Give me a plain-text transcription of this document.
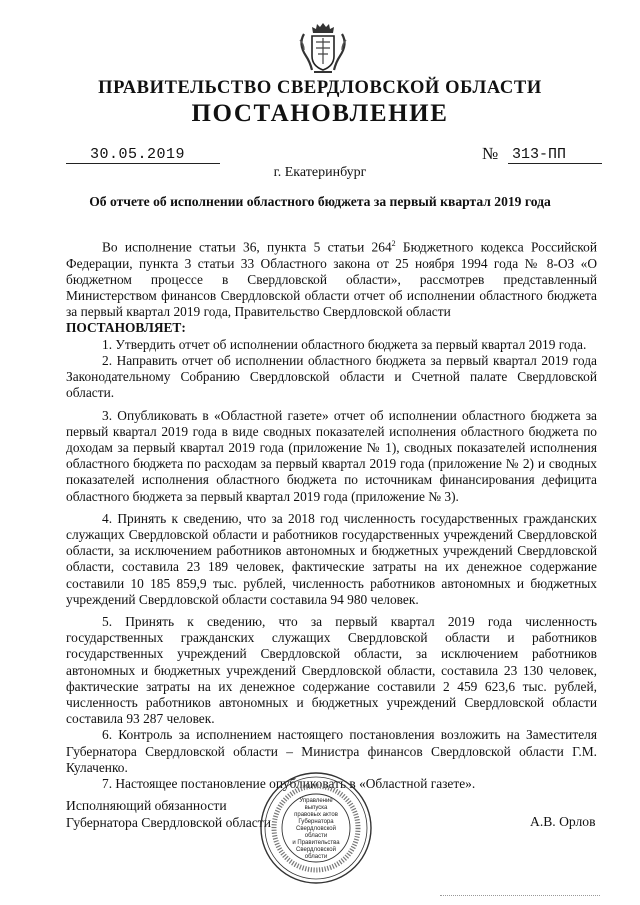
ПРАВИТЕЛЬСТВО СВЕРДЛОВСКОЙ ОБЛАСТИ
ПОСТАНОВЛЕНИЕ
30.05.2019	№ 313-ПП
г. Екатеринбург
Об отчете об исполнении областного бюджета за первый квартал 2019 года

Во исполнение статьи 36, пункта 5 статьи $264^2$ Бюджетного кодекса Российской Федерации, пункта 3 статьи 33 Областного закона от 25 ноября 1994 года № 8-ОЗ «О бюджетном процессе в Свердловской области», рассмотрев представленный Министерством финансов Свердловской области отчет об исполнении областного бюджета за первый квартал 2019 года, Правительство Свердловской области

ПОСТАНОВЛЯЕТ:

1. Утвердить отчет об исполнении областного бюджета за первый квартал 2019 года.

2. Направить отчет об исполнении областного бюджета за первый квартал 2019 года Законодательному Собранию Свердловской области и Счетной палате Свердловской области.

3. Опубликовать в «Областной газете» отчет об исполнении областного бюджета за первый квартал 2019 года в виде сводных показателей исполнения областного бюджета по доходам за первый квартал 2019 года (приложение № 1), сводных показателей исполнения областного бюджета по расходам за первый квартал 2019 года (приложение № 2) и сводных показателей исполнения областного бюджета по источникам финансирования дефицита областного бюджета за первый квартал 2019 года (приложение № 3).

4. Принять к сведению, что за 2018 год численность государственных гражданских служащих Свердловской области и работников государственных учреждений Свердловской области, за исключением работников автономных и бюджетных учреждений Свердловской области, составила 23 189 человек, фактические затраты на их денежное содержание составили 10 185 859,9 тыс. рублей, численность работников автономных и бюджетных учреждений Свердловской области составила 94 980 человек.

5. Принять к сведению, что за первый квартал 2019 года численность государственных гражданских служащих Свердловской области и работников государственных учреждений Свердловской области, за исключением работников автономных и бюджетных учреждений Свердловской области, составила 23 130 человек, фактические затраты на их денежное содержание составили 2 459 623,6 тыс. рублей, численность работников автономных и бюджетных учреждений Свердловской области составила 93 287 человек.

6. Контроль за исполнением настоящего постановления возложить на Заместителя Губернатора Свердловской области – Министра финансов Свердловской области Г.М. Кулаченко.

7. Настоящее постановление опубликовать в «Областной газете».

Исполняющий обязанности
Губернатора Свердловской области	А.В. Орлов
Управление
выпуска
правовых актов
Губернатора
Свердловской области
и Правительства
Свердловской
области
